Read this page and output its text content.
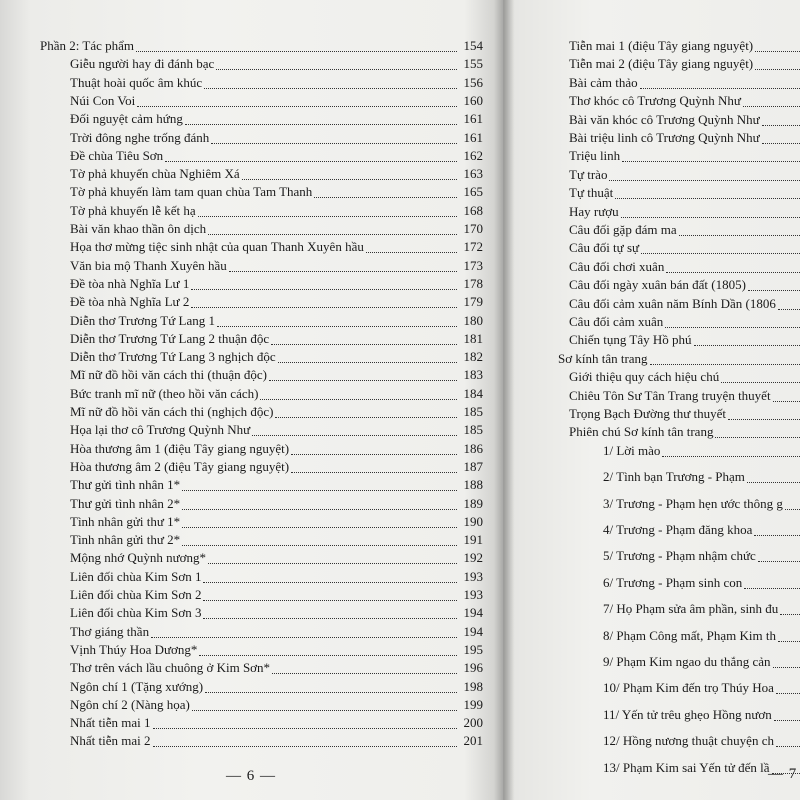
Phần 2: Tác phẩm	154
Giễu người hay đi đánh bạc	155
Thuật hoài quốc âm khúc	156
Núi Con Voi	160
Đối nguyệt cảm hứng	161
Trời đông nghe trống đánh	161
Đề chùa Tiêu Sơn	162
Tờ phả khuyến chùa Nghiêm Xá	163
Tờ phả khuyến làm tam quan chùa Tam Thanh	165
Tờ phả khuyến lễ kết hạ	168
Bài văn khao thần ôn dịch	170
Họa thơ mừng tiệc sinh nhật của quan Thanh Xuyên hầu	172
Văn bia mộ Thanh Xuyên hầu	173
Đề tòa nhà Nghĩa Lư 1	178
Đề tòa nhà Nghĩa Lư 2	179
Diễn thơ Trương Tứ Lang 1	180
Diễn thơ Trương Tứ Lang 2 thuận độc	181
Diễn thơ Trương Tứ Lang 3 nghịch độc	182
Mĩ nữ đồ hồi văn cách thi (thuận độc)	183
Bức tranh mĩ nữ (theo hồi văn cách)	184
Mĩ nữ đồ hồi văn cách thi (nghịch độc)	185
Họa lại thơ cô Trương Quỳnh Như	185
Hòa thương âm 1 (điệu Tây giang nguyệt)	186
Hòa thương âm 2 (điệu Tây giang nguyệt)	187
Thư gửi tình nhân 1*	188
Thư gửi tình nhân 2*	189
Tình nhân gửi thư 1*	190
Tình nhân gửi thư 2*	191
Mộng nhớ Quỳnh nương*	192
Liên đối chùa Kim Sơn 1	193
Liên đối chùa Kim Sơn 2	193
Liên đối chùa Kim Sơn 3	194
Thơ giáng thần	194
Vịnh Thúy Hoa Dương*	195
Thơ trên vách lầu chuông ở Kim Sơn*	196
Ngôn chí 1 (Tặng xướng)	198
Ngôn chí 2 (Nàng họa)	199
Nhất tiễn mai 1	200
Nhất tiễn mai 2	201
— 6 —
Tiễn mai 1 (điệu Tây giang nguyệt)
Tiễn mai 2 (điệu Tây giang nguyệt)
Bài cảm thảo
Thơ khóc cô Trương Quỳnh Như
Bài văn khóc cô Trương Quỳnh Như
Bài triệu linh cô Trương Quỳnh Như
Triệu linh
Tự trào
Tự thuật
Hay rượu
Câu đối gặp đám ma
Câu đối tự sự
Câu đối chơi xuân
Câu đối ngày xuân bán đất (1805)
Câu đối cảm xuân năm Bính Dần (1806
Câu đối cảm xuân
Chiến tụng Tây Hồ phú
Sơ kính tân trang
Giới thiệu quy cách hiệu chú
Chiêu Tôn Sư Tân Trang truyện thuyết
Trọng Bạch Đường thư thuyết
Phiên chú Sơ kính tân trang
1/ Lời mào
2/ Tình bạn Trương - Phạm
3/ Trương - Phạm hẹn ước thông g
4/ Trương - Phạm đăng khoa
5/ Trương - Phạm nhậm chức
6/ Trương - Phạm sinh con
7/ Họ Phạm sửa âm phần, sinh đu
8/ Phạm Công mất, Phạm Kim th
9/ Phạm Kim ngao du thắng cản
10/ Phạm Kim đến trọ Thúy Hoa
11/ Yến tử trêu ghẹo Hồng nươn
12/ Hồng nương thuật chuyện ch
13/ Phạm Kim sai Yến tử đến lầ
— 7
